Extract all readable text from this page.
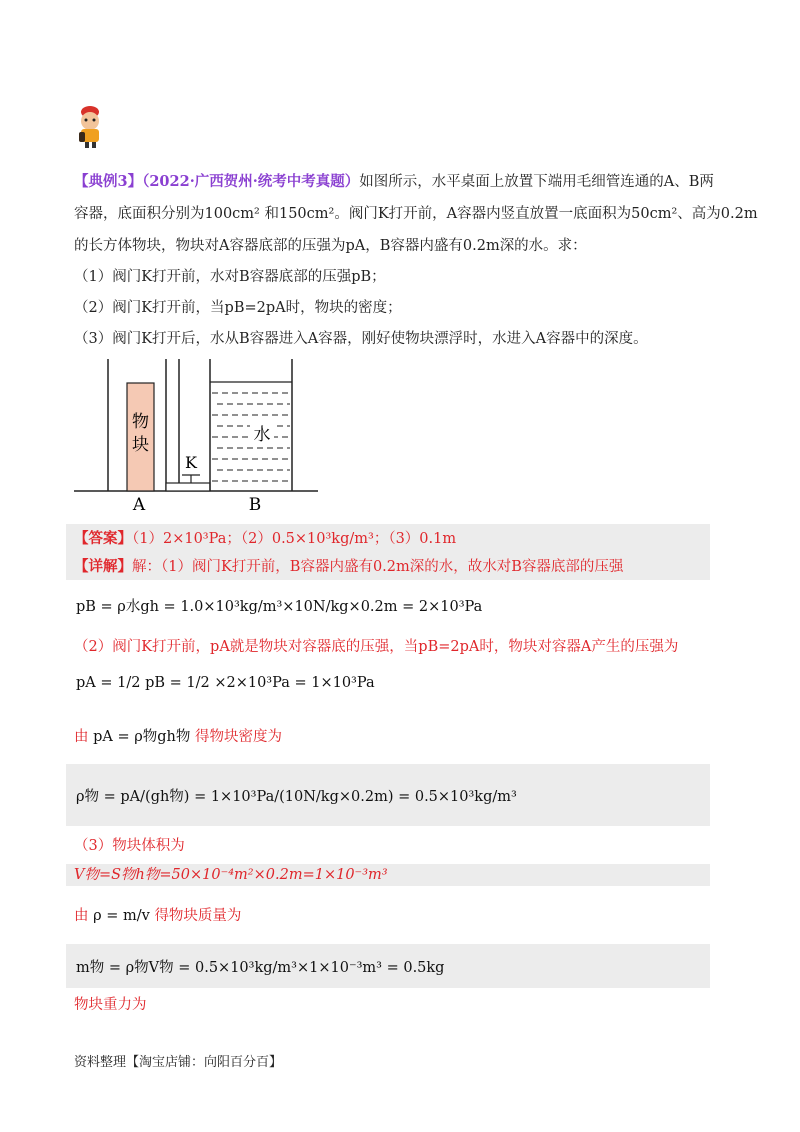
【典例3】（2022·广西贺州·统考中考真题）如图所示，水平桌面上放置下端用毛细管连通的A、B两
容器，底面积分别为100cm² 和150cm²。阀门K打开前，A容器内竖直放置一底面积为50cm²、高为0.2m
的长方体物块，物块对A容器底部的压强为pA，B容器内盛有0.2m深的水。求：
（1）阀门K打开前，水对B容器底部的压强pB；
（2）阀门K打开前，当pB=2pA时，物块的密度；
（3）阀门K打开后，水从B容器进入A容器，刚好使物块漂浮时，水进入A容器中的深度。
物
块
K
水
A	B
【答案】（1）2×10³Pa；（2）0.5×10³kg/m³；（3）0.1m
【详解】解：（1）阀门K打开前，B容器内盛有0.2m深的水，故水对B容器底部的压强
pB = ρ水gh = 1.0×10³kg/m³×10N/kg×0.2m = 2×10³Pa
（2）阀门K打开前，pA就是物块对容器底的压强，当pB=2pA时，物块对容器A产生的压强为
pA = 1/2 pB = 1/2 ×2×10³Pa = 1×10³Pa
由 pA = ρ物gh物 得物块密度为
ρ物 = pA/(gh物) = 1×10³Pa/(10N/kg×0.2m) = 0.5×10³kg/m³
（3）物块体积为
V物=S物h物=50×10⁻⁴m²×0.2m=1×10⁻³m³
由 ρ = m/v 得物块质量为
m物 = ρ物V物 = 0.5×10³kg/m³×1×10⁻³m³ = 0.5kg
物块重力为
资料整理【淘宝店铺：向阳百分百】
